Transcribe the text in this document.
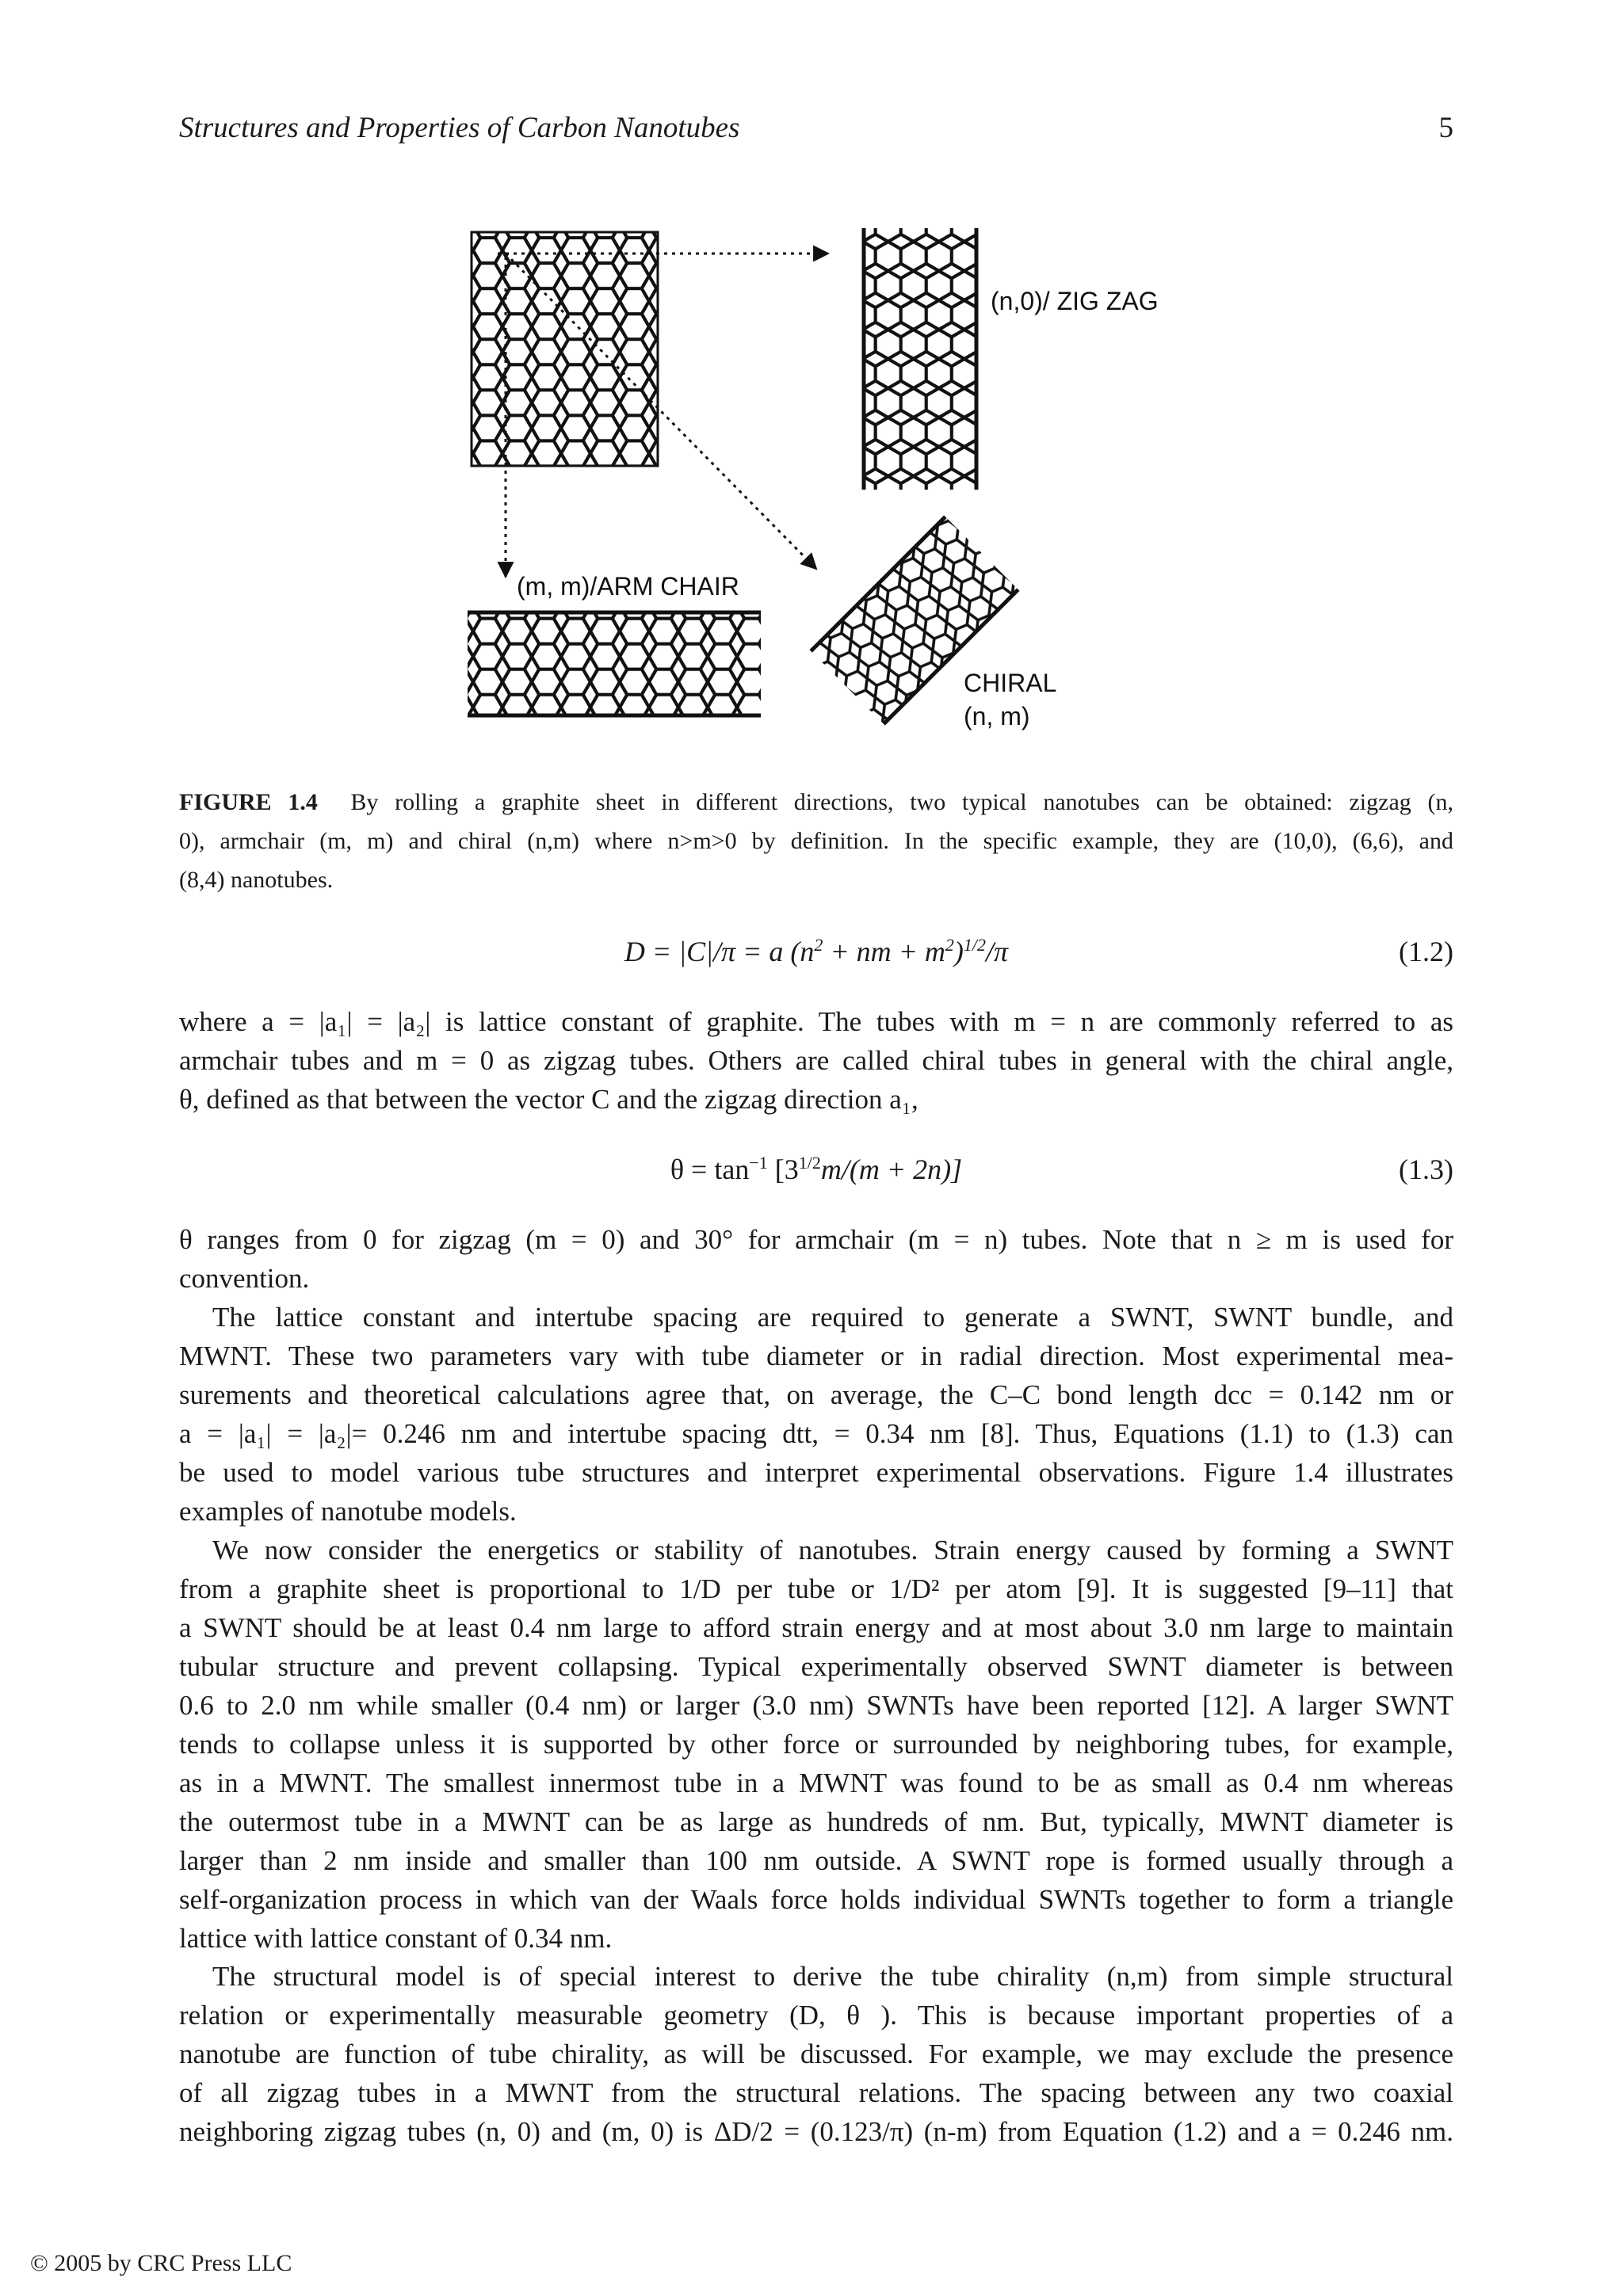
Structures and Properties of Carbon Nanotubes	5
(n,0)/ ZIG ZAG
(m, m)/ARM CHAIR
CHIRAL
(n, m)
FIGURE 1.4 By rolling a graphite sheet in different directions, two typical nanotubes can be obtained: zigzag (n,
0), armchair (m, m) and chiral (n,m) where n>m>0 by definition. In the specific example, they are (10,0), (6,6), and
(8,4) nanotubes.
D = |C|/π = a ($n^2$ + nm + $m^2)^{1/2}/\pi$	(1.2)
where a = |a₁| = |a₂| is lattice constant of graphite. The tubes with m = n are commonly referred to as
armchair tubes and m = 0 as zigzag tubes. Others are called chiral tubes in general with the chiral angle,
θ, defined as that between the vector C and the zigzag direction a₁,
$\theta = \tan^{-1} [3^{1/2}m/(m + 2n)]$	(1.3)
θ ranges from 0 for zigzag (m = 0) and 30° for armchair (m = n) tubes. Note that n ≥ m is used for
convention.
The lattice constant and intertube spacing are required to generate a SWNT, SWNT bundle, and
MWNT. These two parameters vary with tube diameter or in radial direction. Most experimental mea-
surements and theoretical calculations agree that, on average, the C–C bond length dcc = 0.142 nm or
a = |a₁| = |a₂|= 0.246 nm and intertube spacing dtt, = 0.34 nm [8]. Thus, Equations (1.1) to (1.3) can
be used to model various tube structures and interpret experimental observations. Figure 1.4 illustrates
examples of nanotube models.
We now consider the energetics or stability of nanotubes. Strain energy caused by forming a SWNT
from a graphite sheet is proportional to 1/D per tube or 1/D² per atom [9]. It is suggested [9–11] that
a SWNT should be at least 0.4 nm large to afford strain energy and at most about 3.0 nm large to maintain
tubular structure and prevent collapsing. Typical experimentally observed SWNT diameter is between
0.6 to 2.0 nm while smaller (0.4 nm) or larger (3.0 nm) SWNTs have been reported [12]. A larger SWNT
tends to collapse unless it is supported by other force or surrounded by neighboring tubes, for example,
as in a MWNT. The smallest innermost tube in a MWNT was found to be as small as 0.4 nm whereas
the outermost tube in a MWNT can be as large as hundreds of nm. But, typically, MWNT diameter is
larger than 2 nm inside and smaller than 100 nm outside. A SWNT rope is formed usually through a
self-organization process in which van der Waals force holds individual SWNTs together to form a triangle
lattice with lattice constant of 0.34 nm.
The structural model is of special interest to derive the tube chirality (n,m) from simple structural
relation or experimentally measurable geometry (D, θ ). This is because important properties of a
nanotube are function of tube chirality, as will be discussed. For example, we may exclude the presence
of all zigzag tubes in a MWNT from the structural relations. The spacing between any two coaxial
neighboring zigzag tubes (n, 0) and (m, 0) is ΔD/2 = (0.123/π) (n-m) from Equation (1.2) and a = 0.246 nm.
© 2005 by CRC Press LLC
